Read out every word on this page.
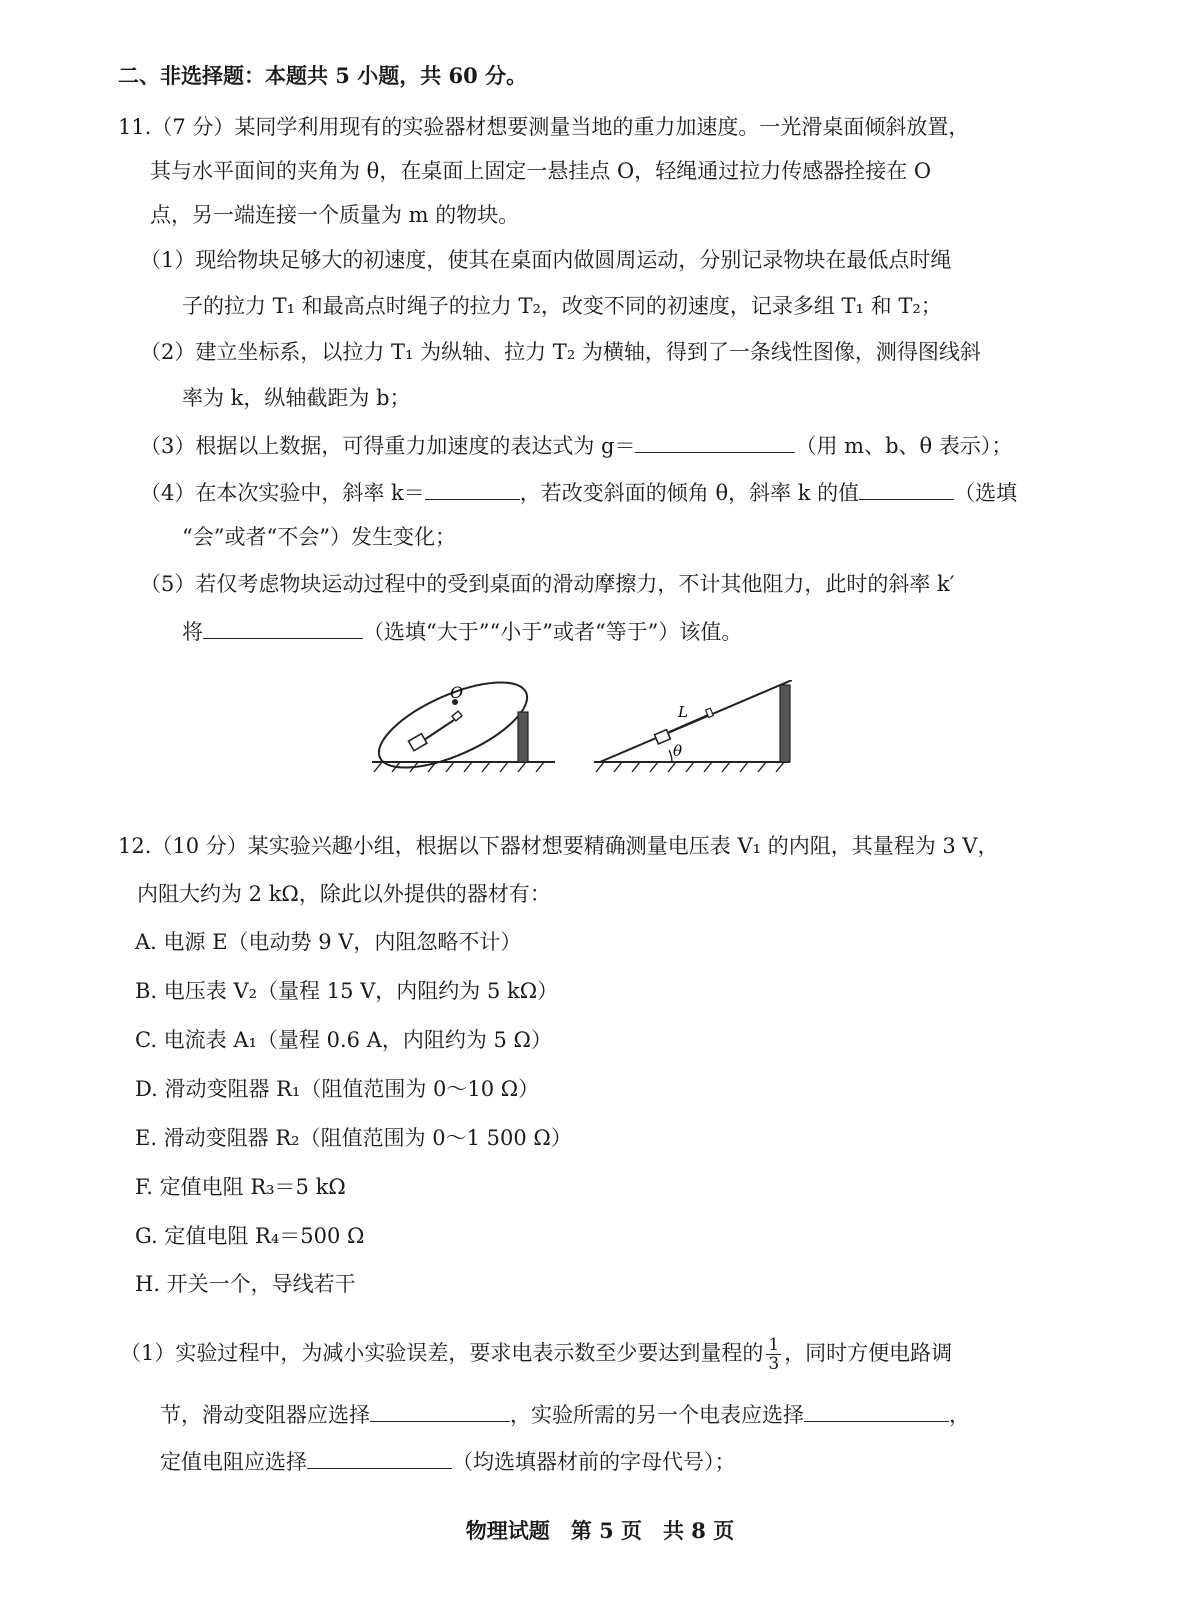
二、非选择题：本题共 5 小题，共 60 分。
11.（7 分）某同学利用现有的实验器材想要测量当地的重力加速度。一光滑桌面倾斜放置，
其与水平面间的夹角为 θ，在桌面上固定一悬挂点 O，轻绳通过拉力传感器拴接在 O
点，另一端连接一个质量为 m 的物块。
（1）现给物块足够大的初速度，使其在桌面内做圆周运动，分别记录物块在最低点时绳
子的拉力 T₁ 和最高点时绳子的拉力 T₂，改变不同的初速度，记录多组 T₁ 和 T₂；
（2）建立坐标系，以拉力 T₁ 为纵轴、拉力 T₂ 为横轴，得到了一条线性图像，测得图线斜
率为 k，纵轴截距为 b；
（3）根据以上数据，可得重力加速度的表达式为 g＝	（用 m、b、θ 表示）；
（4）在本次实验中，斜率 k＝	，若改变斜面的倾角 θ，斜率 k 的值	（选填
“会”或者“不会”）发生变化；
（5）若仅考虑物块运动过程中的受到桌面的滑动摩擦力，不计其他阻力，此时的斜率 k′
将	（选填“大于”“小于”或者“等于”）该值。
O
θ
L
12.（10 分）某实验兴趣小组，根据以下器材想要精确测量电压表 V₁ 的内阻，其量程为 3 V，
内阻大约为 2 kΩ，除此以外提供的器材有：
A. 电源 E（电动势 9 V，内阻忽略不计）
B. 电压表 V₂（量程 15 V，内阻约为 5 kΩ）
C. 电流表 A₁（量程 0.6 A，内阻约为 5 Ω）
D. 滑动变阻器 R₁（阻值范围为 0～10 Ω）
E. 滑动变阻器 R₂（阻值范围为 0～1 500 Ω）
F. 定值电阻 R₃＝5 kΩ
G. 定值电阻 R₄＝500 Ω
H. 开关一个，导线若干
（1）实验过程中，为减小实验误差，要求电表示数至少要达到量程的 $\frac{1}{3}$ ，同时方便电路调
节，滑动变阻器应选择	，实验所需的另一个电表应选择	，
定值电阻应选择	（均选填器材前的字母代号）；
物理试题　第 5 页　共 8 页
